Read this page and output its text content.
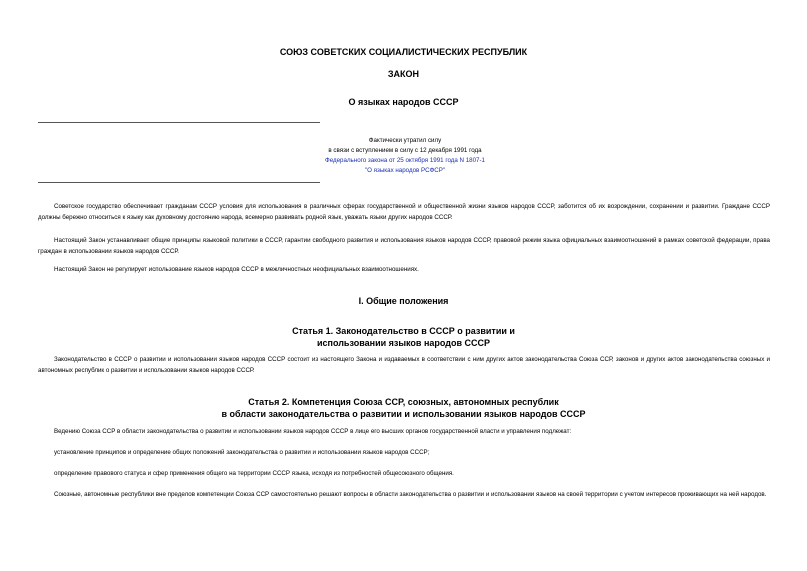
СОЮЗ СОВЕТСКИХ СОЦИАЛИСТИЧЕСКИХ РЕСПУБЛИК
ЗАКОН
О языках народов СССР
Фактически утратил силу
в связи с вступлением в силу с 12 декабря 1991 года
Федерального закона от 25 октября 1991 года N 1807-1
"О языках народов РСФСР"

Советское государство обеспечивает гражданам СССР условия для использования в различных сферах государственной и общественной жизни языков народов СССР, заботится об их возрождении, сохранении и развитии. Граждане СССР должны бережно относиться к языку как духовному достоянию народа, всемерно развивать родной язык, уважать языки других народов СССР.

Настоящий Закон устанавливает общие принципы языковой политики в СССР, гарантии свободного развития и использования языков народов СССР, правовой режим языка официальных взаимоотношений в рамках советской федерации, права граждан в использовании языков народов СССР.

Настоящий Закон не регулирует использование языков народов СССР в межличностных неофициальных взаимоотношениях.

I. Общие положения
Статья 1. Законодательство в СССР о развитии и
использовании языков народов СССР

Законодательство в СССР о развитии и использовании языков народов СССР состоит из настоящего Закона и издаваемых в соответствии с ним других актов законодательства Союза ССР, законов и других актов законодательства союзных и автономных республик о развитии и использовании языков народов СССР.

Статья 2. Компетенция Союза ССР, союзных, автономных республик
в области законодательства о развитии и использовании языков народов СССР

Ведению Союза ССР в области законодательства о развитии и использовании языков народов СССР в лице его высших органов государственной власти и управления подлежат:

установление принципов и определение общих положений законодательства о развитии и использовании языков народов СССР;

определение правового статуса и сфер применения общего на территории СССР языка, исходя из потребностей общесоюзного общения.

Союзные, автономные республики вне пределов компетенции Союза ССР самостоятельно решают вопросы в области законодательства о развитии и использовании языков на своей территории с учетом интересов проживающих на ней народов.
